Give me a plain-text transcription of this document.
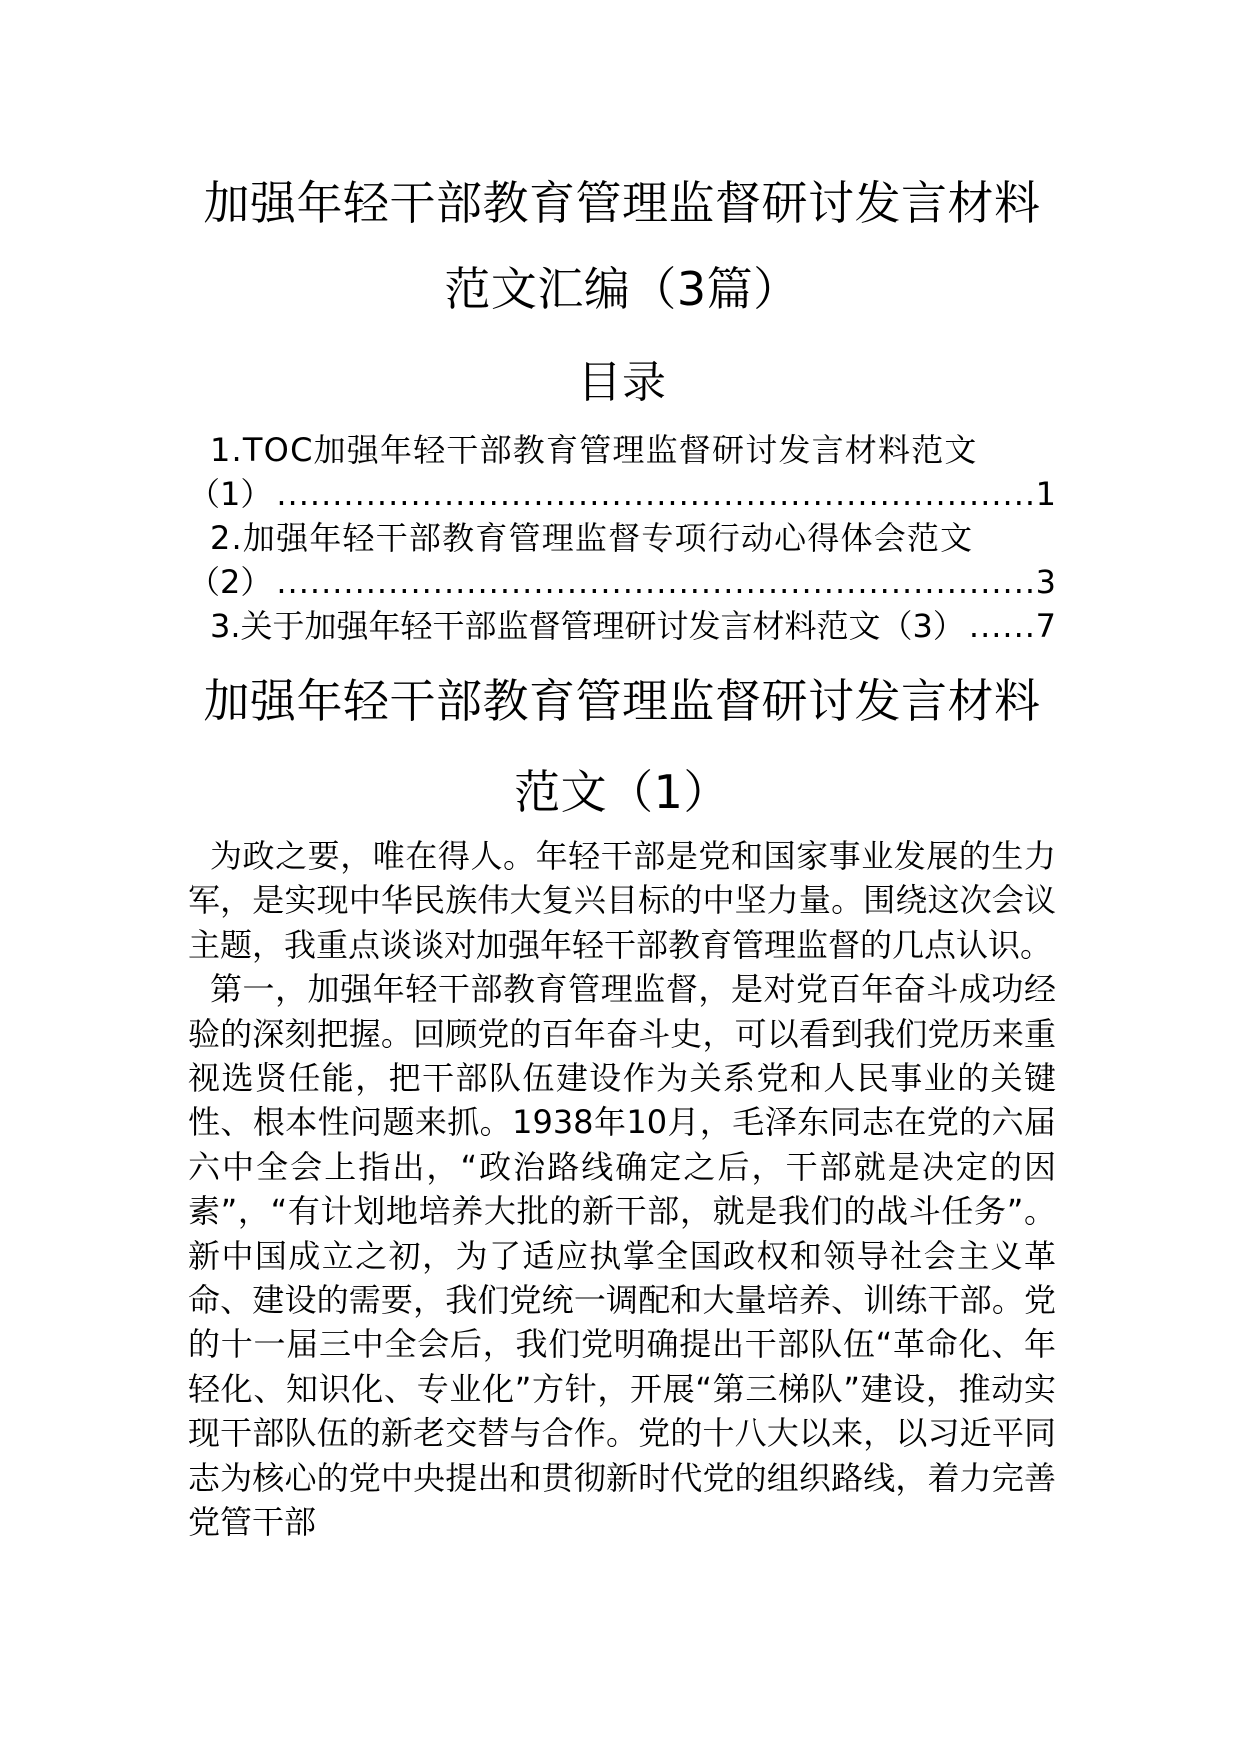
加强年轻干部教育管理监督研讨发言材料
范文汇编（3篇）
目录
1.TOC加强年轻干部教育管理监督研讨发言材料范文
（1） .....	1
2.加强年轻干部教育管理监督专项行动心得体会范文
（2） .....	3
3.关于加强年轻干部监督管理研讨发言材料范文（3） ..... 7
加强年轻干部教育管理监督研讨发言材料
范文（1）

为政之要，唯在得人。年轻干部是党和国家事业发展的生力军，是实现中华民族伟大复兴目标的中坚力量。围绕这次会议主题，我重点谈谈对加强年轻干部教育管理监督的几点认识。

第一，加强年轻干部教育管理监督，是对党百年奋斗成功经验的深刻把握。回顾党的百年奋斗史，可以看到我们党历来重视选贤任能，把干部队伍建设作为关系党和人民事业的关键性、根本性问题来抓。1938年10月，毛泽东同志在党的六届六中全会上指出，“政治路线确定之后，干部就是决定的因素”，“有计划地培养大批的新干部，就是我们的战斗任务”。新中国成立之初，为了适应执掌全国政权和领导社会主义革命、建设的需要，我们党统一调配和大量培养、训练干部。党的十一届三中全会后，我们党明确提出干部队伍“革命化、年轻化、知识化、专业化”方针，开展“第三梯队”建设，推动实现干部队伍的新老交替与合作。党的十八大以来，以习近平同志为核心的党中央提出和贯彻新时代党的组织路线，着力完善党管干部
